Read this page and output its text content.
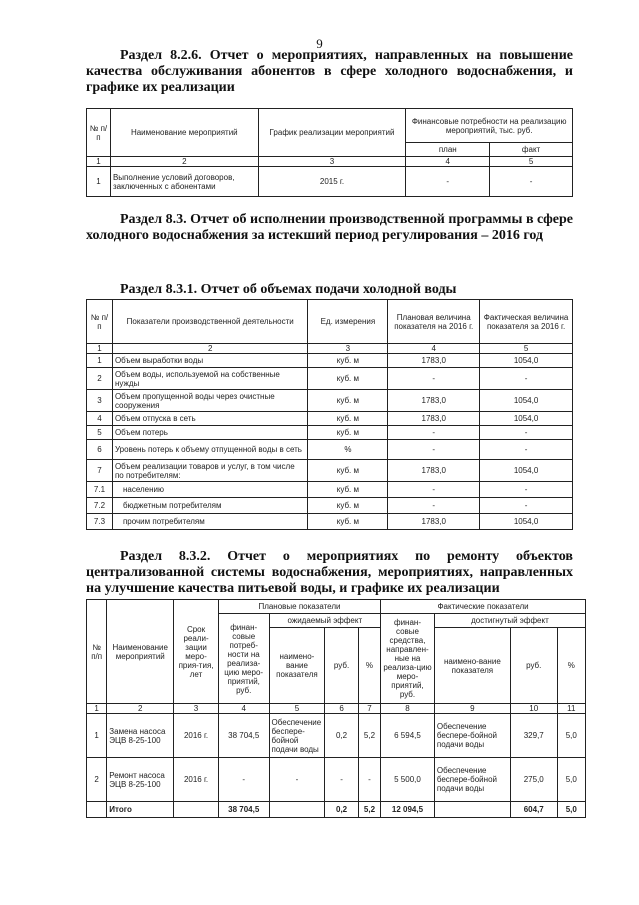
9
Раздел 8.2.6. Отчет о мероприятиях, направленных на повышение качества обслуживания абонентов в сфере холодного водоснабжения, и графике их реализации
№ п/п	Наименование мероприятий	График реализации мероприятий	Финансовые потребности на реализацию мероприятий, тыс. руб.	
			план	факт
1	2	3	4	5
1	Выполнение условий договоров, заключенных с абонентами	2015 г.	-	-
Раздел 8.3. Отчет об исполнении производственной программы в сфере холодного водоснабжения за истекший период регулирования – 2016 год
Раздел 8.3.1. Отчет об объемах подачи холодной воды
№ п/п	Показатели производственной деятельности	Ед. измерения	Плановая величина показателя на 2016 г.	Фактическая величина показателя за 2016 г.
1	2	3	4	5
1	Объем выработки воды	куб. м	1783,0	1054,0
2	Объем воды, используемой на собственные нужды	куб. м	-	-
3	Объем пропущенной воды через очистные сооружения	куб. м	1783,0	1054,0
4	Объем отпуска в сеть	куб. м	1783,0	1054,0
5	Объем потерь	куб. м	-	-
6	Уровень потерь к объему отпущенной воды в сеть	%	-	-
7	Объем реализации товаров и услуг, в том числе по потребителям:	куб. м	1783,0	1054,0
7.1	населению	куб. м	-	-
7.2	бюджетным потребителям	куб. м	-	-
7.3	прочим потребителям	куб. м	1783,0	1054,0
Раздел 8.3.2. Отчет о мероприятиях по ремонту объектов централизованной системы водоснабжения, мероприятиях, направленных на улучшение качества питьевой воды, и графике их реализации
№ п/п	Наименование мероприятий	Срок реали-зации меро-прия-тия, лет	Плановые показатели				Фактические показатели			
			финан-совые потреб-ности на реализа-цию меро-приятий, руб.	ожидаемый эффект			финан-совые средства, направлен-ные на реализа-цию меро-приятий, руб.	достигнутый эффект		
				наимено-вание показателя	руб.	%		наимено-вание показателя	руб.	%
1	2	3	4	5	6	7	8	9	10	11
1	Замена насоса ЭЦВ 8-25-100	2016 г.	38 704,5	Обеспечение беспере-бойной подачи воды	0,2	5,2	6 594,5	Обеспечение беспере-бойной подачи воды	329,7	5,0
2	Ремонт насоса ЭЦВ 8-25-100	2016 г.	-	-	-	-	5 500,0	Обеспечение беспере-бойной подачи воды	275,0	5,0
	Итого		38 704,5		0,2	5,2	12 094,5		604,7	5,0
